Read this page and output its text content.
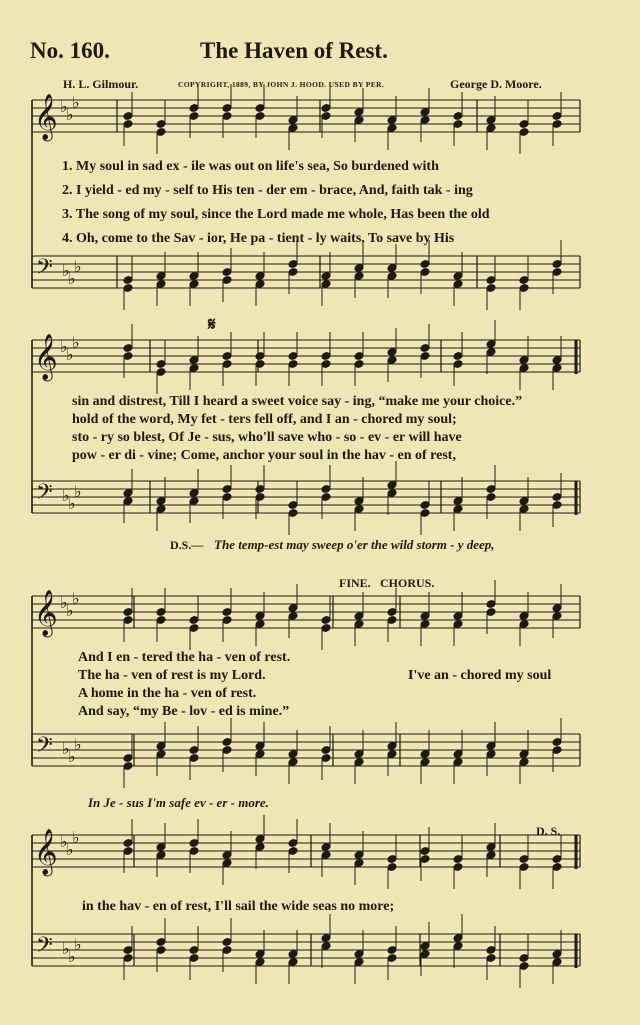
No. 160.	The Haven of Rest.
H. L. Gilmour.	COPYRIGHT, 1889, BY JOHN J. HOOD. USED BY PER.	George D. Moore.
𝄞 ♭
♭
♭
𝄢 ♭
♭
♭
𝄞 ♭
♭
♭
𝄢 ♭
♭
♭
𝄞 ♭
♭
♭
𝄢 ♭
♭
♭
𝄞 ♭
♭
♭
𝄢 ♭
♭
♭
1. My soul in sad ex - ile was out on life's sea, So burdened with
2. I yield - ed my - self to His ten - der em - brace, And, faith tak - ing
3. The song of my soul, since the Lord made me whole, Has been the old
4. Oh, come to the Sav - ior, He pa - tient - ly waits, To save by His
𝄋
sin and distrest, Till I heard a sweet voice say - ing, “make me your choice.”
hold of the word, My fet - ters fell off, and I an - chored my soul;
sto - ry so blest, Of Je - sus, who'll save who - so - ev - er will have
pow - er di - vine; Come, anchor your soul in the hav - en of rest,
D.S.— The temp-est may sweep o'er the wild storm - y deep,
FINE. CHORUS.
And I en - tered the ha - ven of rest.
The ha - ven of rest is my Lord.
A home in the ha - ven of rest.
And say, “my Be - lov - ed is mine.”
I've an - chored my soul
In Je - sus I'm safe ev - er - more.
D. S.
in the hav - en of rest, I'll sail the wide seas no more;
